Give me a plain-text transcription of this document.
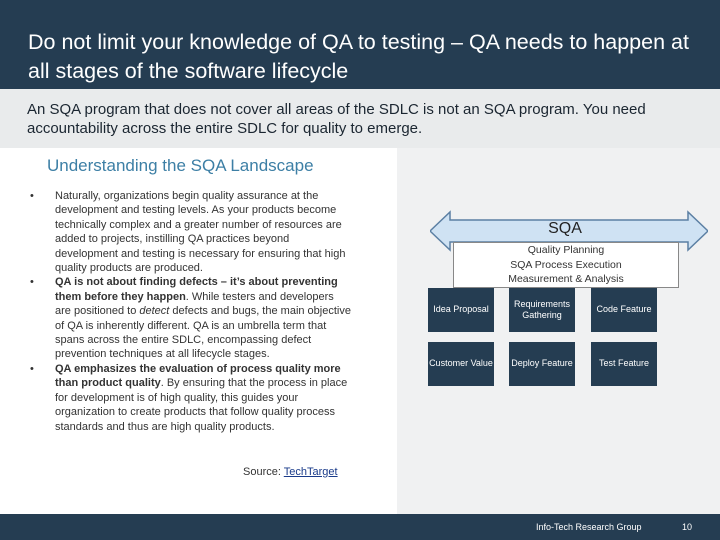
Do not limit your knowledge of QA to testing – QA needs to happen at all stages of the software lifecycle
An SQA program that does not cover all areas of the SDLC is not an SQA program. You need accountability across the entire SDLC for quality to emerge.
Understanding the SQA Landscape
• Naturally, organizations begin quality assurance at the development and testing levels. As your products become technically complex and a greater number of resources are added to projects, instilling QA practices beyond development and testing is necessary for ensuring that high quality products are produced.
• QA is not about finding defects – it’s about preventing them before they happen. While testers and developers are positioned to detect defects and bugs, the main objective of QA is inherently different. QA is an umbrella term that spans across the entire SDLC, encompassing defect prevention techniques at all lifecycle stages.
• QA emphasizes the evaluation of process quality more than product quality. By ensuring that the process in place for development is of high quality, this guides your organization to create products that follow quality process standards and thus are high quality products.
Source: TechTarget
SQA
Quality Planning
SQA Process Execution
Measurement & Analysis
Idea Proposal
Requirements Gathering
Code Feature
Customer Value Deploy Feature	Test Feature
Info-Tech Research Group	10
